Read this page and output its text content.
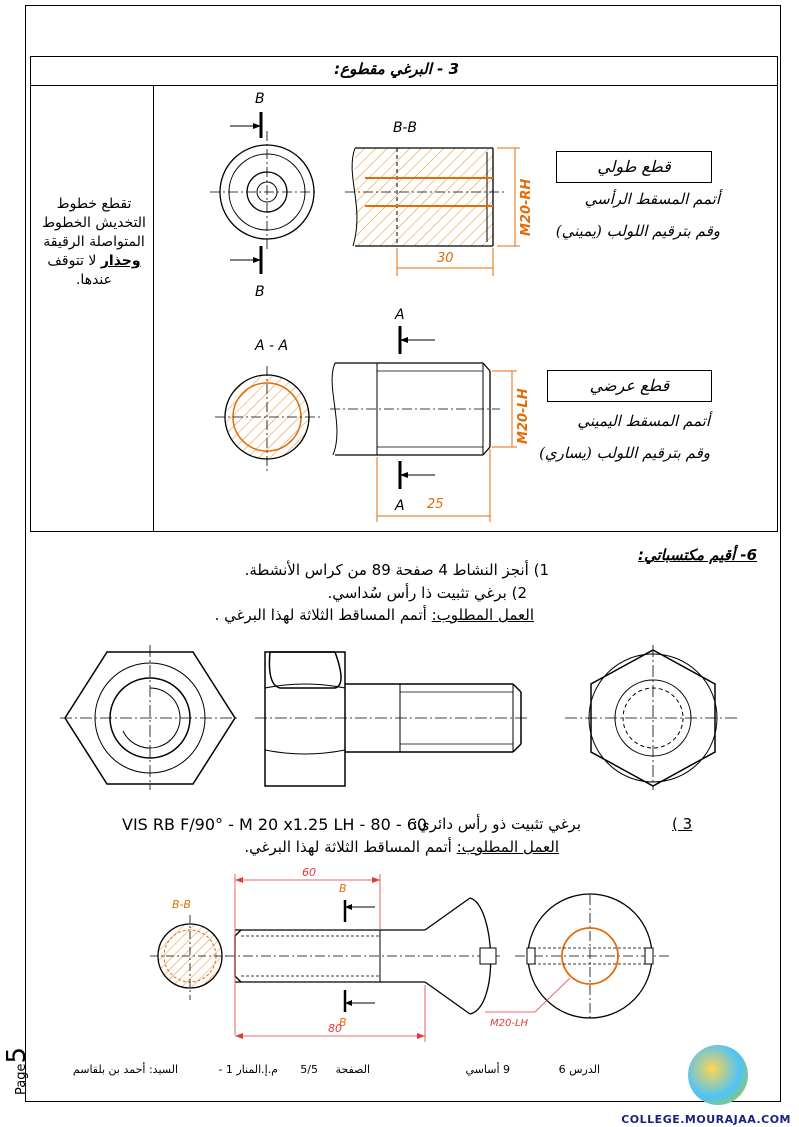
3 - البرغي مقطوع:
تقطع خطوط
التخديش الخطوط
المتواصلة الرقيقة
وحذار لا تتوقف
عندها.
B
B
B-B
M20-RH
30
A - A
A
A
M20-LH
25
قطع طولي
أتمم المسقط الرأسي
وقم بترقيم اللولب (يميني)
قطع عرضي
أتمم المسقط اليميني
وقم بترقيم اللولب (يساري)
6- أقيم مكتسباتي:
1) أنجز النشاط 4 صفحة 89 من كراس الأنشطة.
2) برغي تثبيت ذا رأس سُداسي.
العمل المطلوب: أتمم المساقط الثلاثة لهذا البرغي .
VIS RB F/90° - M 20 x1.25 LH - 80 - 60
برغي تثبيت ذو رأس دائري:	3 )
العمل المطلوب: أتمم المساقط الثلاثة لهذا البرغي.
B-B
B
B
60
80	M20-LH
Page5
السيد: أحمد بن بلقاسم	م.إ.المنار 1 -	الصفحة     5/5	9 أساسي	الدرس 6
COLLEGE.MOURAJAA.COM
